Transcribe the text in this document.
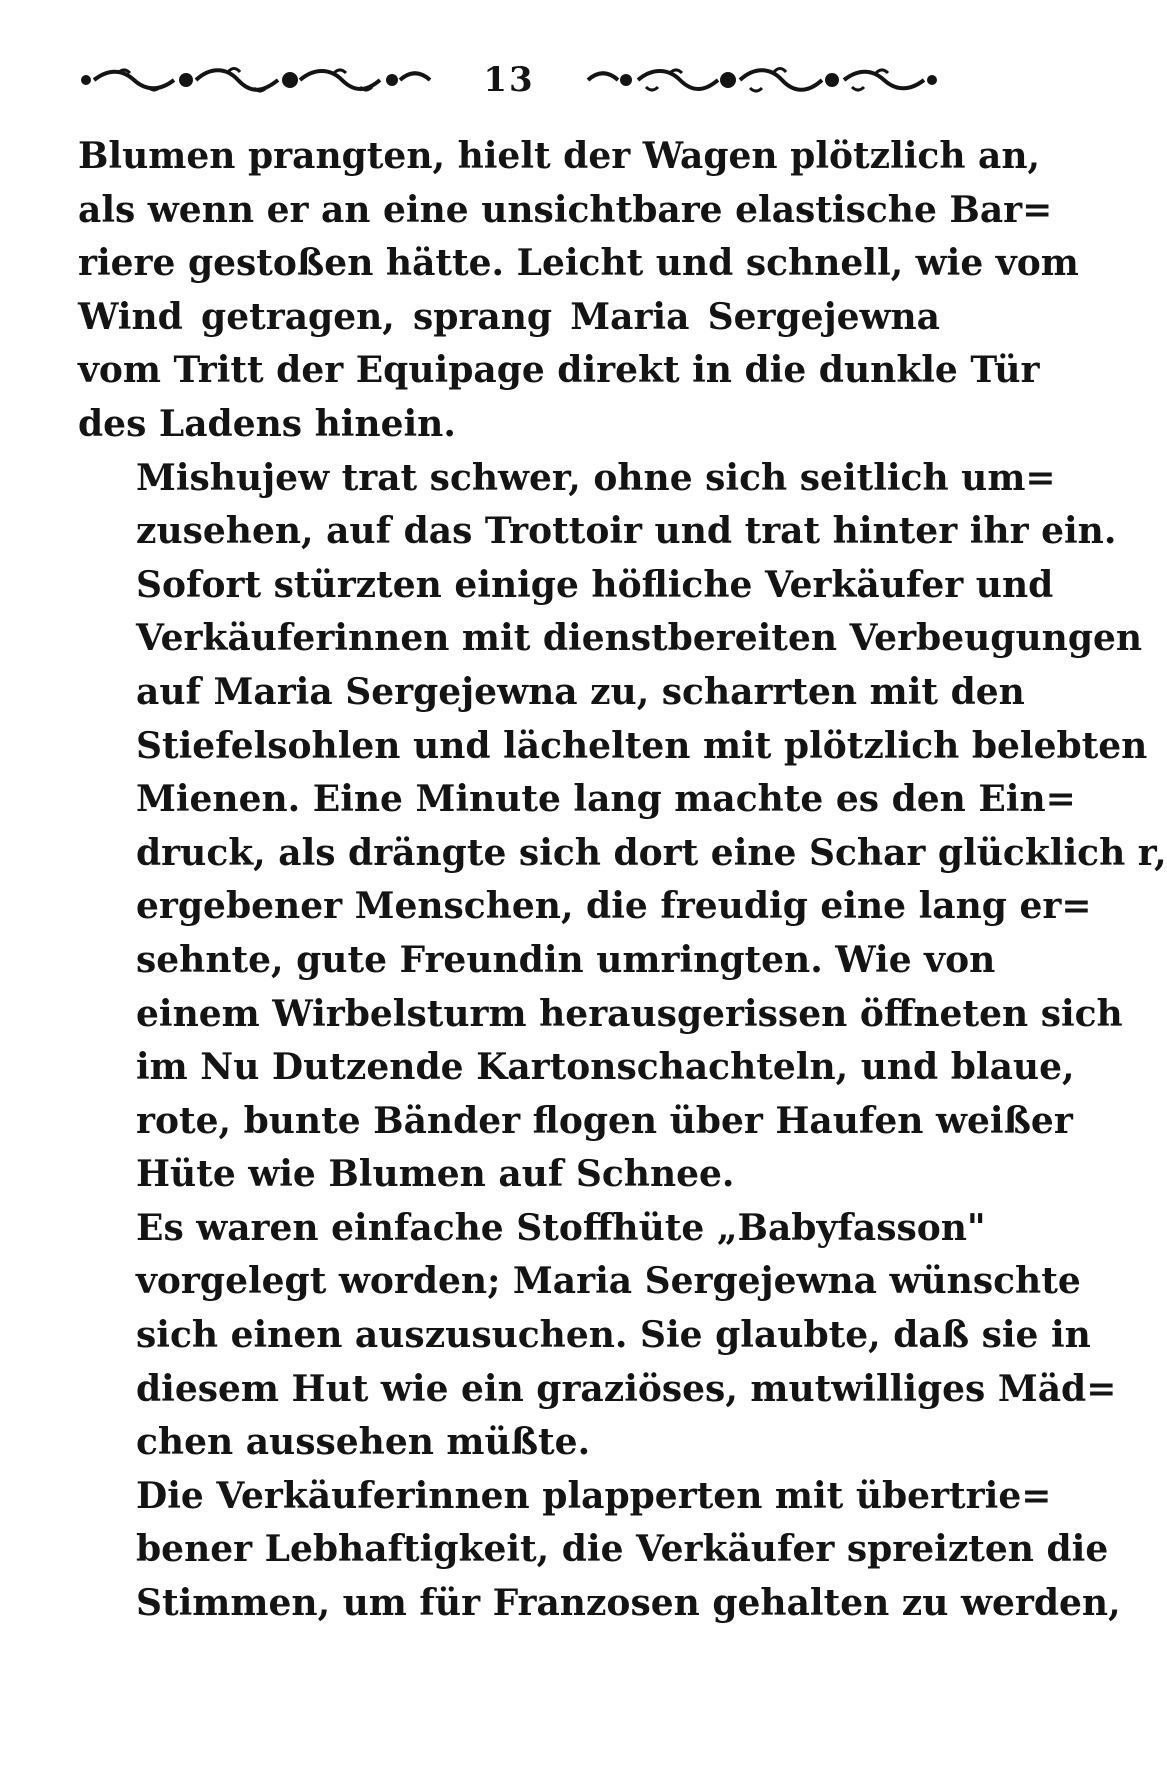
13

Blumen prangten, hielt der Wagen plötzlich an,
als wenn er an eine unsichtbare elastische Bar=
riere gestoßen hätte. Leicht und schnell, wie vom
Wind getragen, sprang Maria Sergejewna
vom Tritt der Equipage direkt in die dunkle Tür
des Ladens hinein.

Mishujew trat schwer, ohne sich seitlich um=
zusehen, auf das Trottoir und trat hinter ihr ein.

Sofort stürzten einige höfliche Verkäufer und
Verkäuferinnen mit dienstbereiten Verbeugungen
auf Maria Sergejewna zu, scharrten mit den
Stiefelsohlen und lächelten mit plötzlich belebten
Mienen. Eine Minute lang machte es den Ein=
druck, als drängte sich dort eine Schar glücklich r,
ergebener Menschen, die freudig eine lang er=
sehnte, gute Freundin umringten. Wie von
einem Wirbelsturm herausgerissen öffneten sich
im Nu Dutzende Kartonschachteln, und blaue,
rote, bunte Bänder flogen über Haufen weißer
Hüte wie Blumen auf Schnee.

Es waren einfache Stoffhüte „Babyfasson"
vorgelegt worden; Maria Sergejewna wünschte
sich einen auszusuchen. Sie glaubte, daß sie in
diesem Hut wie ein graziöses, mutwilliges Mäd=
chen aussehen müßte.

Die Verkäuferinnen plapperten mit übertrie=
bener Lebhaftigkeit, die Verkäufer spreizten die
Stimmen, um für Franzosen gehalten zu werden,
